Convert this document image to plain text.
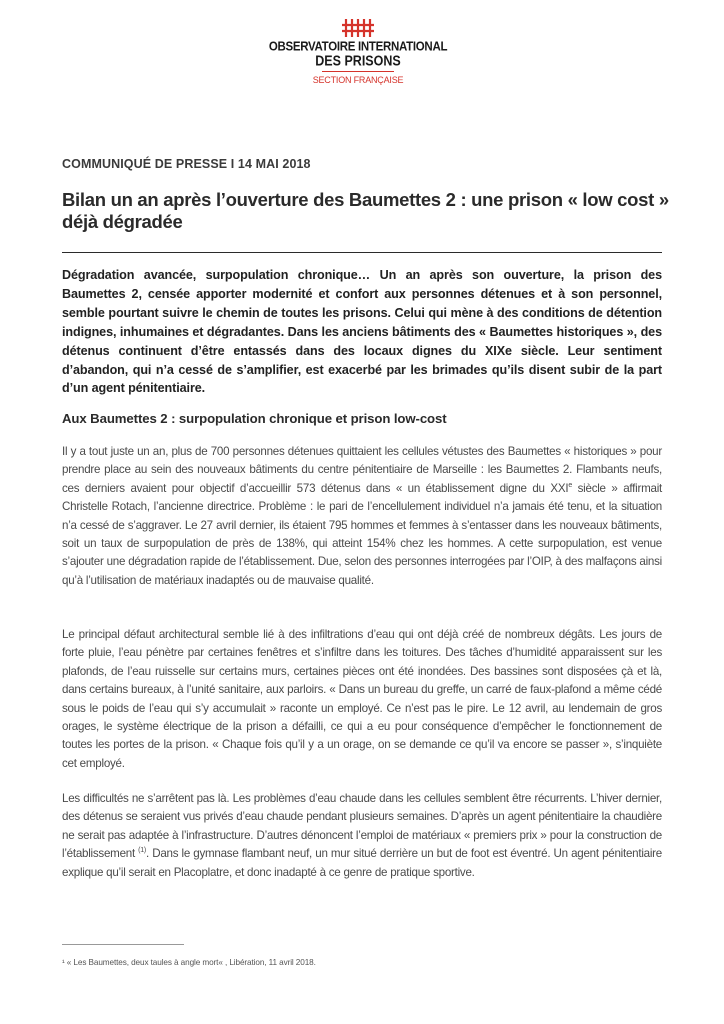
OBSERVATOIRE INTERNATIONAL
DES PRISONS
SECTION FRANÇAISE
COMMUNIQUÉ DE PRESSE I 14 MAI 2018
Bilan un an après l’ouverture des Baumettes 2 : une prison « low cost » déjà dégradée
Dégradation avancée, surpopulation chronique… Un an après son ouverture, la prison des Baumettes 2, censée apporter modernité et confort aux personnes détenues et à son personnel, semble pourtant suivre le chemin de toutes les prisons. Celui qui mène à des conditions de détention indignes, inhumaines et dégradantes. Dans les anciens bâtiments des « Baumettes historiques », des détenus continuent d’être entassés dans des locaux dignes du XIXe siècle. Leur sentiment d’abandon, qui n’a cessé de s’amplifier, est exacerbé par les brimades qu’ils disent subir de la part d’un agent pénitentiaire.
Aux Baumettes 2 : surpopulation chronique et prison low-cost
Il y a tout juste un an, plus de 700 personnes détenues quittaient les cellules vétustes des Baumettes « historiques » pour prendre place au sein des nouveaux bâtiments du centre pénitentiaire de Marseille : les Baumettes 2. Flambants neufs, ces derniers avaient pour objectif d’accueillir 573 détenus dans « un établissement digne du XXIe siècle » affirmait Christelle Rotach, l’ancienne directrice. Problème : le pari de l’encellulement individuel n’a jamais été tenu, et la situation n’a cessé de s’aggraver. Le 27 avril dernier, ils étaient 795 hommes et femmes à s’entasser dans les nouveaux bâtiments, soit un taux de surpopulation de près de 138%, qui atteint 154% chez les hommes. A cette surpopulation, est venue s’ajouter une dégradation rapide de l’établissement. Due, selon des personnes interrogées par l’OIP, à des malfaçons ainsi qu’à l’utilisation de matériaux inadaptés ou de mauvaise qualité.
Le principal défaut architectural semble lié à des infiltrations d’eau qui ont déjà créé de nombreux dégâts. Les jours de forte pluie, l’eau pénètre par certaines fenêtres et s’infiltre dans les toitures. Des tâches d’humidité apparaissent sur les plafonds, de l’eau ruisselle sur certains murs, certaines pièces ont été inondées. Des bassines sont disposées çà et là, dans certains bureaux, à l’unité sanitaire, aux parloirs. « Dans un bureau du greffe, un carré de faux-plafond a même cédé sous le poids de l’eau qui s’y accumulait » raconte un employé. Ce n’est pas le pire. Le 12 avril, au lendemain de gros orages, le système électrique de la prison a défailli, ce qui a eu pour conséquence d’empêcher le fonctionnement de toutes les portes de la prison. « Chaque fois qu’il y a un orage, on se demande ce qu’il va encore se passer », s’inquiète cet employé.
Les difficultés ne s’arrêtent pas là. Les problèmes d’eau chaude dans les cellules semblent être récurrents. L’hiver dernier, des détenus se seraient vus privés d’eau chaude pendant plusieurs semaines. D’après un agent pénitentiaire la chaudière ne serait pas adaptée à l’infrastructure. D’autres dénoncent l’emploi de matériaux « premiers prix » pour la construction de l’établissement $^{(1)}$. Dans le gymnase flambant neuf, un mur situé derrière un but de foot est éventré. Un agent pénitentiaire explique qu’il serait en Placoplatre, et donc inadapté à ce genre de pratique sportive.
¹ « Les Baumettes, deux taules à angle mort« , Libération, 11 avril 2018.
